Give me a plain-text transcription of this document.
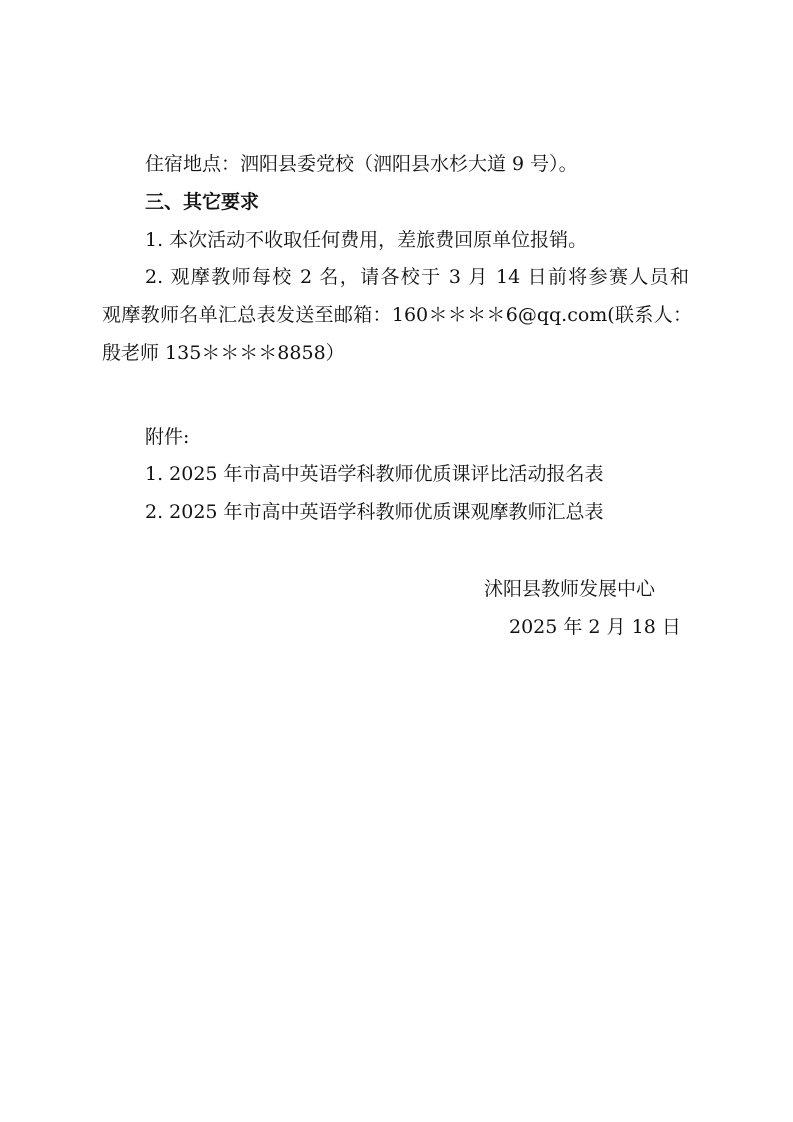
住宿地点：泗阳县委党校（泗阳县水杉大道 9 号）。
三、其它要求
1. 本次活动不收取任何费用，差旅费回原单位报销。
2. 观摩教师每校 2 名，请各校于 3 月 14 日前将参赛人员和
观摩教师名单汇总表发送至邮箱：160＊＊＊＊6@qq.com(联系人：
殷老师 135＊＊＊＊8858）
附件:
1. 2025 年市高中英语学科教师优质课评比活动报名表
2. 2025 年市高中英语学科教师优质课观摩教师汇总表
沭阳县教师发展中心
2025 年 2 月 18 日
